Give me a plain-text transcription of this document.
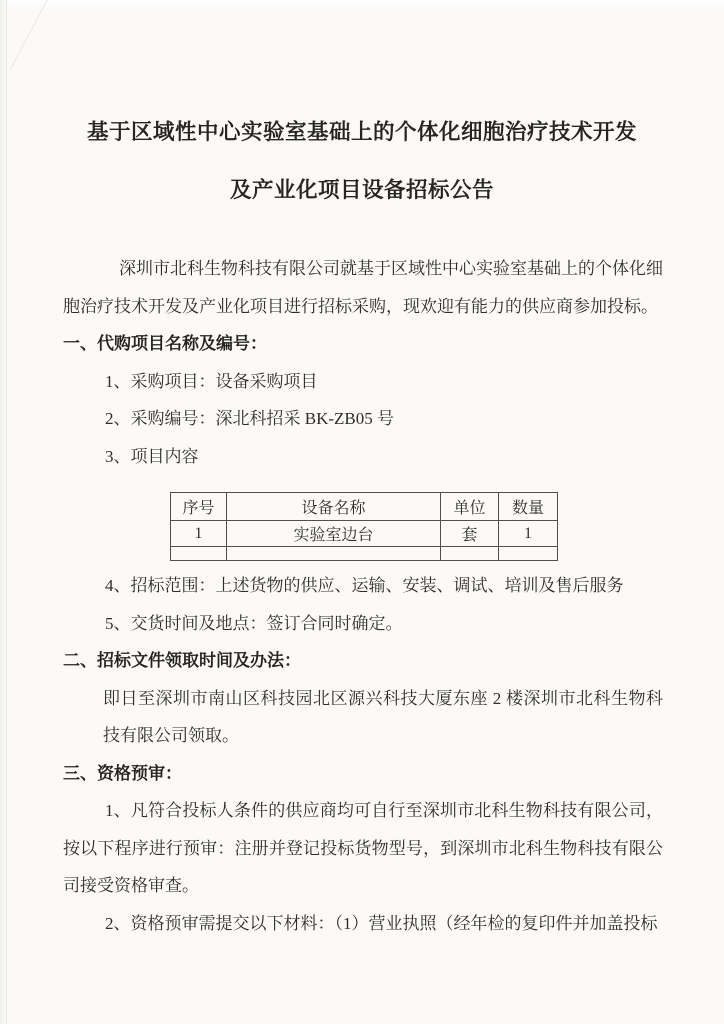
基于区域性中心实验室基础上的个体化细胞治疗技术开发
及产业化项目设备招标公告

深圳市北科生物科技有限公司就基于区域性中心实验室基础上的个体化细胞治疗技术开发及产业化项目进行招标采购，现欢迎有能力的供应商参加投标。

一、代购项目名称及编号：

1、采购项目：设备采购项目

2、采购编号：深北科招采 BK-ZB05 号

3、项目内容

序号	设备名称	单位	数量
1	实验室边台	套	1

4、招标范围：上述货物的供应、运输、安装、调试、培训及售后服务

5、交货时间及地点：签订合同时确定。

二、招标文件领取时间及办法：

即日至深圳市南山区科技园北区源兴科技大厦东座 2 楼深圳市北科生物科技有限公司领取。

三、资格预审：

1、凡符合投标人条件的供应商均可自行至深圳市北科生物科技有限公司，按以下程序进行预审：注册并登记投标货物型号，到深圳市北科生物科技有限公司接受资格审查。

2、资格预审需提交以下材料：（1）营业执照（经年检的复印件并加盖投标
